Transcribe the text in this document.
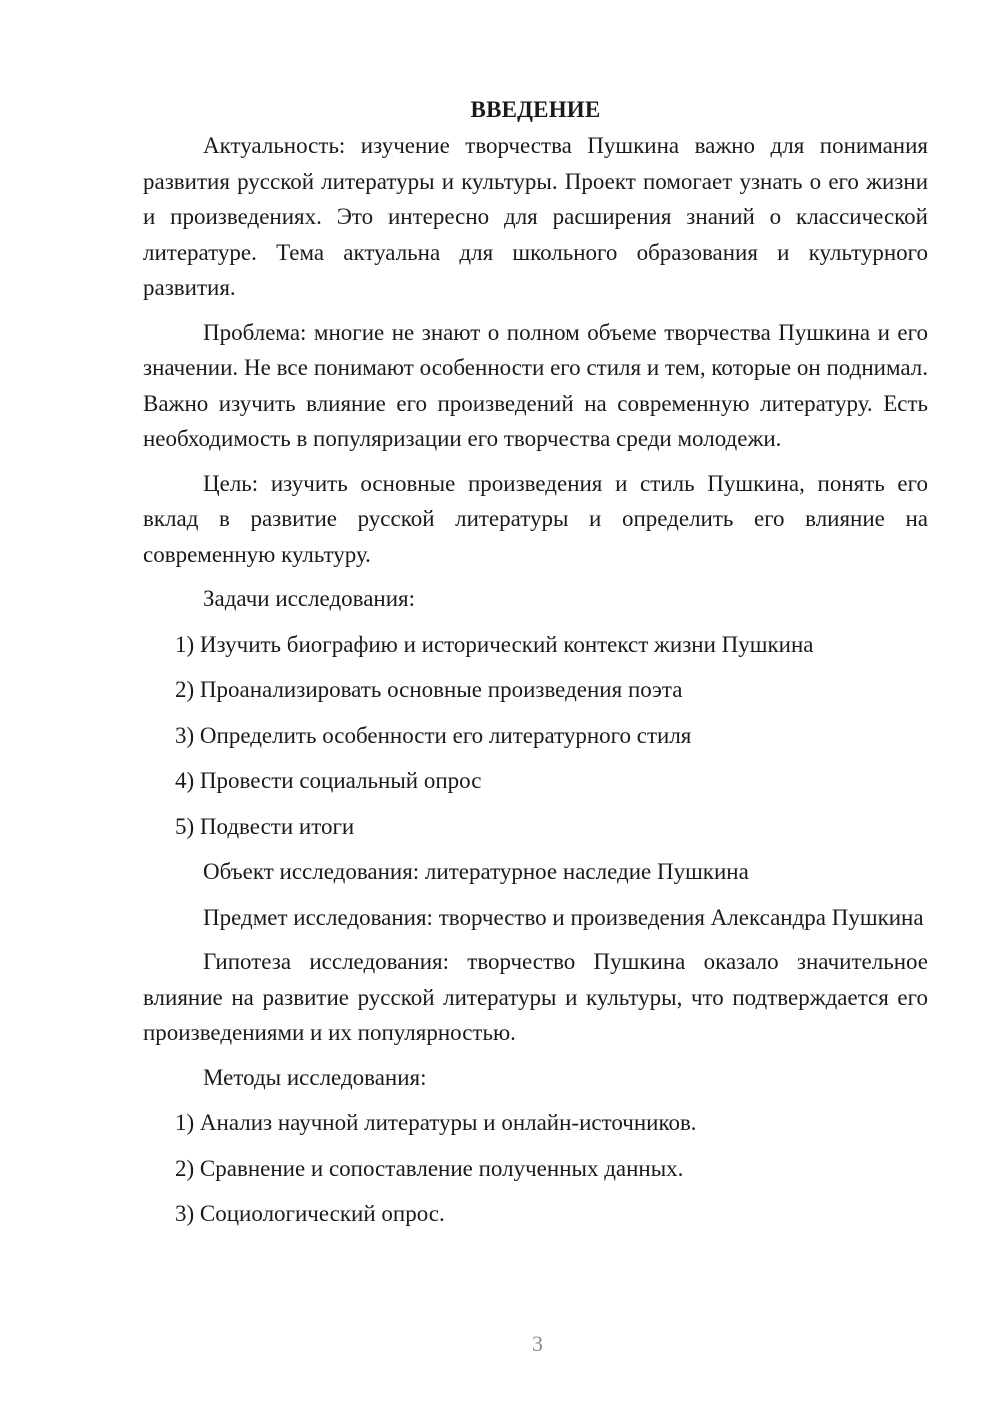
ВВЕДЕНИЕ

Актуальность: изучение творчества Пушкина важно для понимания развития русской литературы и культуры. Проект помогает узнать о его жизни и произведениях. Это интересно для расширения знаний о классической литературе. Тема актуальна для школьного образования и культурного развития.

Проблема: многие не знают о полном объеме творчества Пушкина и его значении. Не все понимают особенности его стиля и тем, которые он поднимал. Важно изучить влияние его произведений на современную литературу. Есть необходимость в популяризации его творчества среди молодежи.

Цель: изучить основные произведения и стиль Пушкина, понять его вклад в развитие русской литературы и определить его влияние на современную культуру.

Задачи исследования:

1) Изучить биографию и исторический контекст жизни Пушкина
2) Проанализировать основные произведения поэта
3) Определить особенности его литературного стиля
4) Провести социальный опрос
5) Подвести итоги

Объект исследования: литературное наследие Пушкина

Предмет исследования: творчество и произведения Александра Пушкина

Гипотеза исследования: творчество Пушкина оказало значительное влияние на развитие русской литературы и культуры, что подтверждается его произведениями и их популярностью.

Методы исследования:

1) Анализ научной литературы и онлайн-источников.
2) Сравнение и сопоставление полученных данных.
3) Социологический опрос.
3
